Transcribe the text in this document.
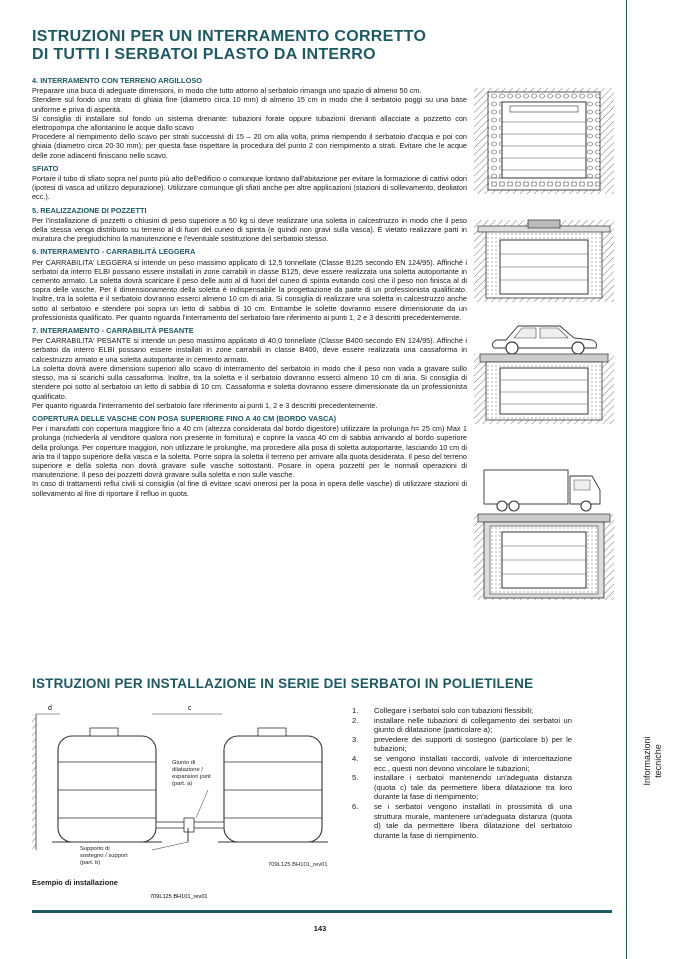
ISTRUZIONI PER UN INTERRAMENTO CORRETTO
DI TUTTI I SERBATOI PLASTO DA INTERRO
4. INTERRAMENTO CON TERRENO ARGILLOSO

Preparare una buca di adeguate dimensioni, in modo che tutto attorno al serbatoio rimanga uno spazio di almeno 50 cm.

Stendere sul fondo uno strato di ghiaia fine (diametro circa 10 mm) di almeno 15 cm in modo che il serbatoio poggi su una base uniforme e priva di asperità.

Si consiglia di installare sul fondo un sistema drenante: tubazioni forate oppure tubazioni drenanti allacciate a pozzetto con elettropompa che allontanino le acque dallo scavo

Procedere al riempimento dello scavo per strati successivi di 15 – 20 cm alla volta, prima riempendo il serbatoio d'acqua e poi con ghiaia (diametro circa 20-30 mm); per questa fase rispettare la procedura del punto 2 con riempimento a strati. Evitare che le acque delle zone adiacenti finiscano nello scavo.

SFIATO

Portare il tubo di sfiato sopra nel punto più alto dell'edificio o comunque lontano dall'abitazione per evitare la formazione di cattivi odori (ipotesi di vasca ad utilizzo depurazione). Utilizzare comunque gli sfiati anche per altre applicazioni (stazioni di sollevamento, deoliatori ecc.).

5. REALIZZAZIONE DI POZZETTI

Per l'installazione di pozzetti o chiusini di peso superiore a 50 kg si deve realizzare una soletta in calcestruzzo in modo che il peso della stessa venga distribuito su terreno al di fuori del cuneo di spinta (e quindi non gravi sulla vasca). È vietato realizzare parti in muratura che pregiudichino la manutenzione e l'eventuale sostituzione del serbatoio stesso.

6. INTERRAMENTO - CARRABILITÀ LEGGERA

Per CARRABILITA' LEGGERA si intende un peso massimo applicato di 12,5 tonnellate (Classe B125 secondo EN 124/95). Affinché i serbatoi da interro ELBI possano essere installati in zone carrabili in classe B125, deve essere realizzata una soletta autoportante in cemento armato. La soletta dovrà scaricare il peso delle auto al di fuori del cuneo di spinta evitando così che il peso non finisca al di sopra delle vasche. Per il dimensionamento della soletta è indispensabile la progettazione da parte di un professionista qualificato. Inoltre, tra la soletta e il serbatoio dovranno esserci almeno 10 cm di aria. Si consiglia di realizzare una soletta in calcestruzzo anche sotto al serbatoio e stendere poi sopra un letto di sabbia di 10 cm. Entrambe le solette dovranno essere dimensionate da un professionista qualificato. Per quanto riguarda l'interramento del serbatoio fare riferimento ai punti 1, 2 e 3 descritti precedentemente.

7. INTERRAMENTO - CARRABILITÀ PESANTE

Per CARRABILITA' PESANTE si intende un peso massimo applicato di 40,0 tonnellate (Classe B400 secondo EN 124/95). Affinché i serbatoi da interro ELBI possano essere installati in zone carrabili in classe B400, deve essere realizzata una cassaforma in calcestruzzo armato e una soletta autoportante in cemento armato.

La soletta dovrà avere dimensioni superiori allo scavo di interramento del serbatoio in modo che il peso non vada a gravare sullo stesso, ma si scarichi sulla cassaforma. Inoltre, tra la soletta e il serbatoio dovranno esserci almeno 10 cm di aria. Si consiglia di stendere poi sotto al serbatoio un letto di sabbia di 10 cm. Cassaforma e soletta dovranno essere dimensionate da un professionista qualificato.

Per quanto riguarda l'interramento del serbatoio fare riferimento ai punti 1, 2 e 3 descritti precedentemente.

COPERTURA DELLE VASCHE CON POSA SUPERIORE FINO A 40 CM (BORDO VASCA)

Per i manufatti con copertura maggiore fino a 40 cm (altezza considerata dal bordo digestore) utilizzare la prolunga h= 25 cm) Max 1 prolunga (richiederla al venditore qualora non presente in fornitura) e coprire la vasca 40 cm di sabbia arrivando al bordo superiore della prolunga. Per coperture maggiori, non utilizzare le prolunghe, ma procedere alla posa di soletta autoportante, lasciando 10 cm di aria tra il tappo superiore della vasca e la soletta. Porre sopra la soletta il terreno per arrivare alla quota desiderata. Il peso del terreno superiore e della soletta non dovrà gravare sulle vasche sottostanti. Posare in opera pozzetti per le normali operazioni di manutenzione. Il peso dei pozzetti dovrà gravare sulla soletta e non sulle vasche.

In caso di trattamenti reflui civili si consiglia (al fine di evitare scavi onerosi per la posa in opera delle vasche) di utilizzare stazioni di sollevamento al fine di riportare il refluo in quota.

ISTRUZIONI PER INSTALLAZIONE IN SERIE DEI SERBATOI IN POLIETILENE
d	c
709L125 BH101_rev01
Giunto di
dilatazione /
expansion joint
(part. a)
Supporto di
sostegno / support
(part. b)	709L125 BH101_rev01
Esempio di installazione
1.	Collegare i serbatoi solo con tubazioni flessibili;
2.	installare nelle tubazioni di collegamento dei serbatoi un giunto di dilatazione (particolare a);
3.	prevedere dei supporti di sostegno (particolare b) per le tubazioni;
4.	se vengono installati raccordi, valvole di intercettazione ecc., questi non devono vincolare le tubazioni;
5.	installare i serbatoi mantenendo un'adeguata distanza (quota c) tale da permettere libera dilatazione tra loro durante la fase di riempimento;
6.	se i serbatoi vengono installati in prossimità di una struttura murale, mantenere un'adeguata distanza (quota d) tale da permettere libera dilatazione del serbatoio durante la fase di riempimento.
Informazioni tecniche
143
